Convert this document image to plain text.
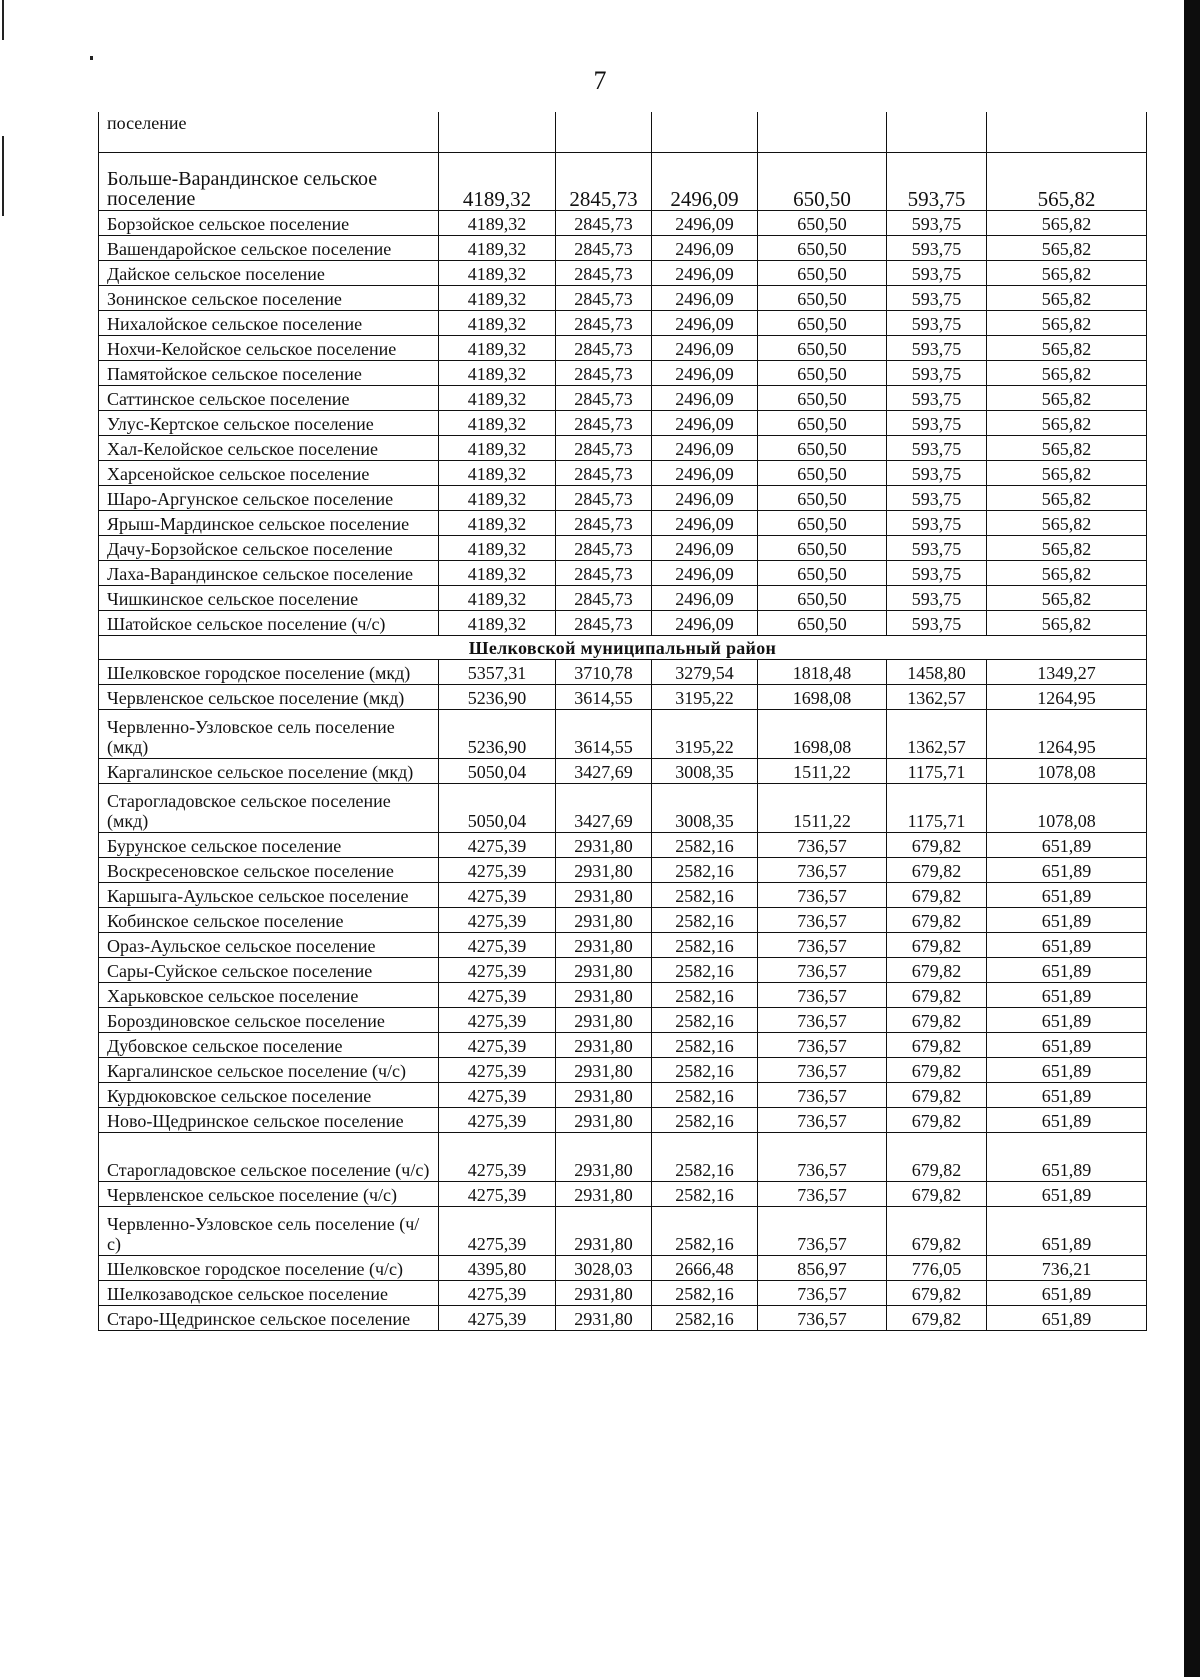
7
поселение						
Больше-Варандинское сельское поселение	4189,32	2845,73	2496,09	650,50	593,75	565,82
Борзойское сельское поселение	4189,32	2845,73	2496,09	650,50	593,75	565,82
Вашендаройское сельское поселение	4189,32	2845,73	2496,09	650,50	593,75	565,82
Дайское сельское поселение	4189,32	2845,73	2496,09	650,50	593,75	565,82
Зонинское сельское поселение	4189,32	2845,73	2496,09	650,50	593,75	565,82
Нихалойское сельское поселение	4189,32	2845,73	2496,09	650,50	593,75	565,82
Нохчи-Келойское сельское поселение	4189,32	2845,73	2496,09	650,50	593,75	565,82
Памятойское сельское поселение	4189,32	2845,73	2496,09	650,50	593,75	565,82
Саттинское сельское поселение	4189,32	2845,73	2496,09	650,50	593,75	565,82
Улус-Кертское сельское поселение	4189,32	2845,73	2496,09	650,50	593,75	565,82
Хал-Келойское сельское поселение	4189,32	2845,73	2496,09	650,50	593,75	565,82
Харсенойское сельское поселение	4189,32	2845,73	2496,09	650,50	593,75	565,82
Шаро-Аргунское сельское поселение	4189,32	2845,73	2496,09	650,50	593,75	565,82
Ярыш-Мардинское сельское поселение	4189,32	2845,73	2496,09	650,50	593,75	565,82
Дачу-Борзойское сельское поселение	4189,32	2845,73	2496,09	650,50	593,75	565,82
Лаха-Варандинское сельское поселение	4189,32	2845,73	2496,09	650,50	593,75	565,82
Чишкинское сельское поселение	4189,32	2845,73	2496,09	650,50	593,75	565,82
Шатойское сельское поселение (ч/с)	4189,32	2845,73	2496,09	650,50	593,75	565,82
Шелковской муниципальный район						
Шелковское городское поселение (мкд)	5357,31	3710,78	3279,54	1818,48	1458,80	1349,27
Червленское сельское поселение (мкд)	5236,90	3614,55	3195,22	1698,08	1362,57	1264,95
Червленно-Узловское сель поселение (мкд)	5236,90	3614,55	3195,22	1698,08	1362,57	1264,95
Каргалинское сельское поселение (мкд)	5050,04	3427,69	3008,35	1511,22	1175,71	1078,08
Старогладовское сельское поселение (мкд)	5050,04	3427,69	3008,35	1511,22	1175,71	1078,08
Бурунское сельское поселение	4275,39	2931,80	2582,16	736,57	679,82	651,89
Воскресеновское сельское поселение	4275,39	2931,80	2582,16	736,57	679,82	651,89
Каршыга-Аульское сельское поселение	4275,39	2931,80	2582,16	736,57	679,82	651,89
Кобинское сельское поселение	4275,39	2931,80	2582,16	736,57	679,82	651,89
Ораз-Аульское сельское поселение	4275,39	2931,80	2582,16	736,57	679,82	651,89
Сары-Суйское сельское поселение	4275,39	2931,80	2582,16	736,57	679,82	651,89
Харьковское сельское поселение	4275,39	2931,80	2582,16	736,57	679,82	651,89
Бороздиновское сельское поселение	4275,39	2931,80	2582,16	736,57	679,82	651,89
Дубовское сельское поселение	4275,39	2931,80	2582,16	736,57	679,82	651,89
Каргалинское сельское поселение (ч/с)	4275,39	2931,80	2582,16	736,57	679,82	651,89
Курдюковское сельское поселение	4275,39	2931,80	2582,16	736,57	679,82	651,89
Ново-Щедринское сельское поселение	4275,39	2931,80	2582,16	736,57	679,82	651,89
Старогладовское сельское поселение (ч/с)	4275,39	2931,80	2582,16	736,57	679,82	651,89
Червленское сельское поселение (ч/с)	4275,39	2931,80	2582,16	736,57	679,82	651,89
Червленно-Узловское сель поселение (ч/с)	4275,39	2931,80	2582,16	736,57	679,82	651,89
Шелковское городское поселение (ч/с)	4395,80	3028,03	2666,48	856,97	776,05	736,21
Шелкозаводское сельское поселение	4275,39	2931,80	2582,16	736,57	679,82	651,89
Старо-Щедринское сельское поселение	4275,39	2931,80	2582,16	736,57	679,82	651,89
